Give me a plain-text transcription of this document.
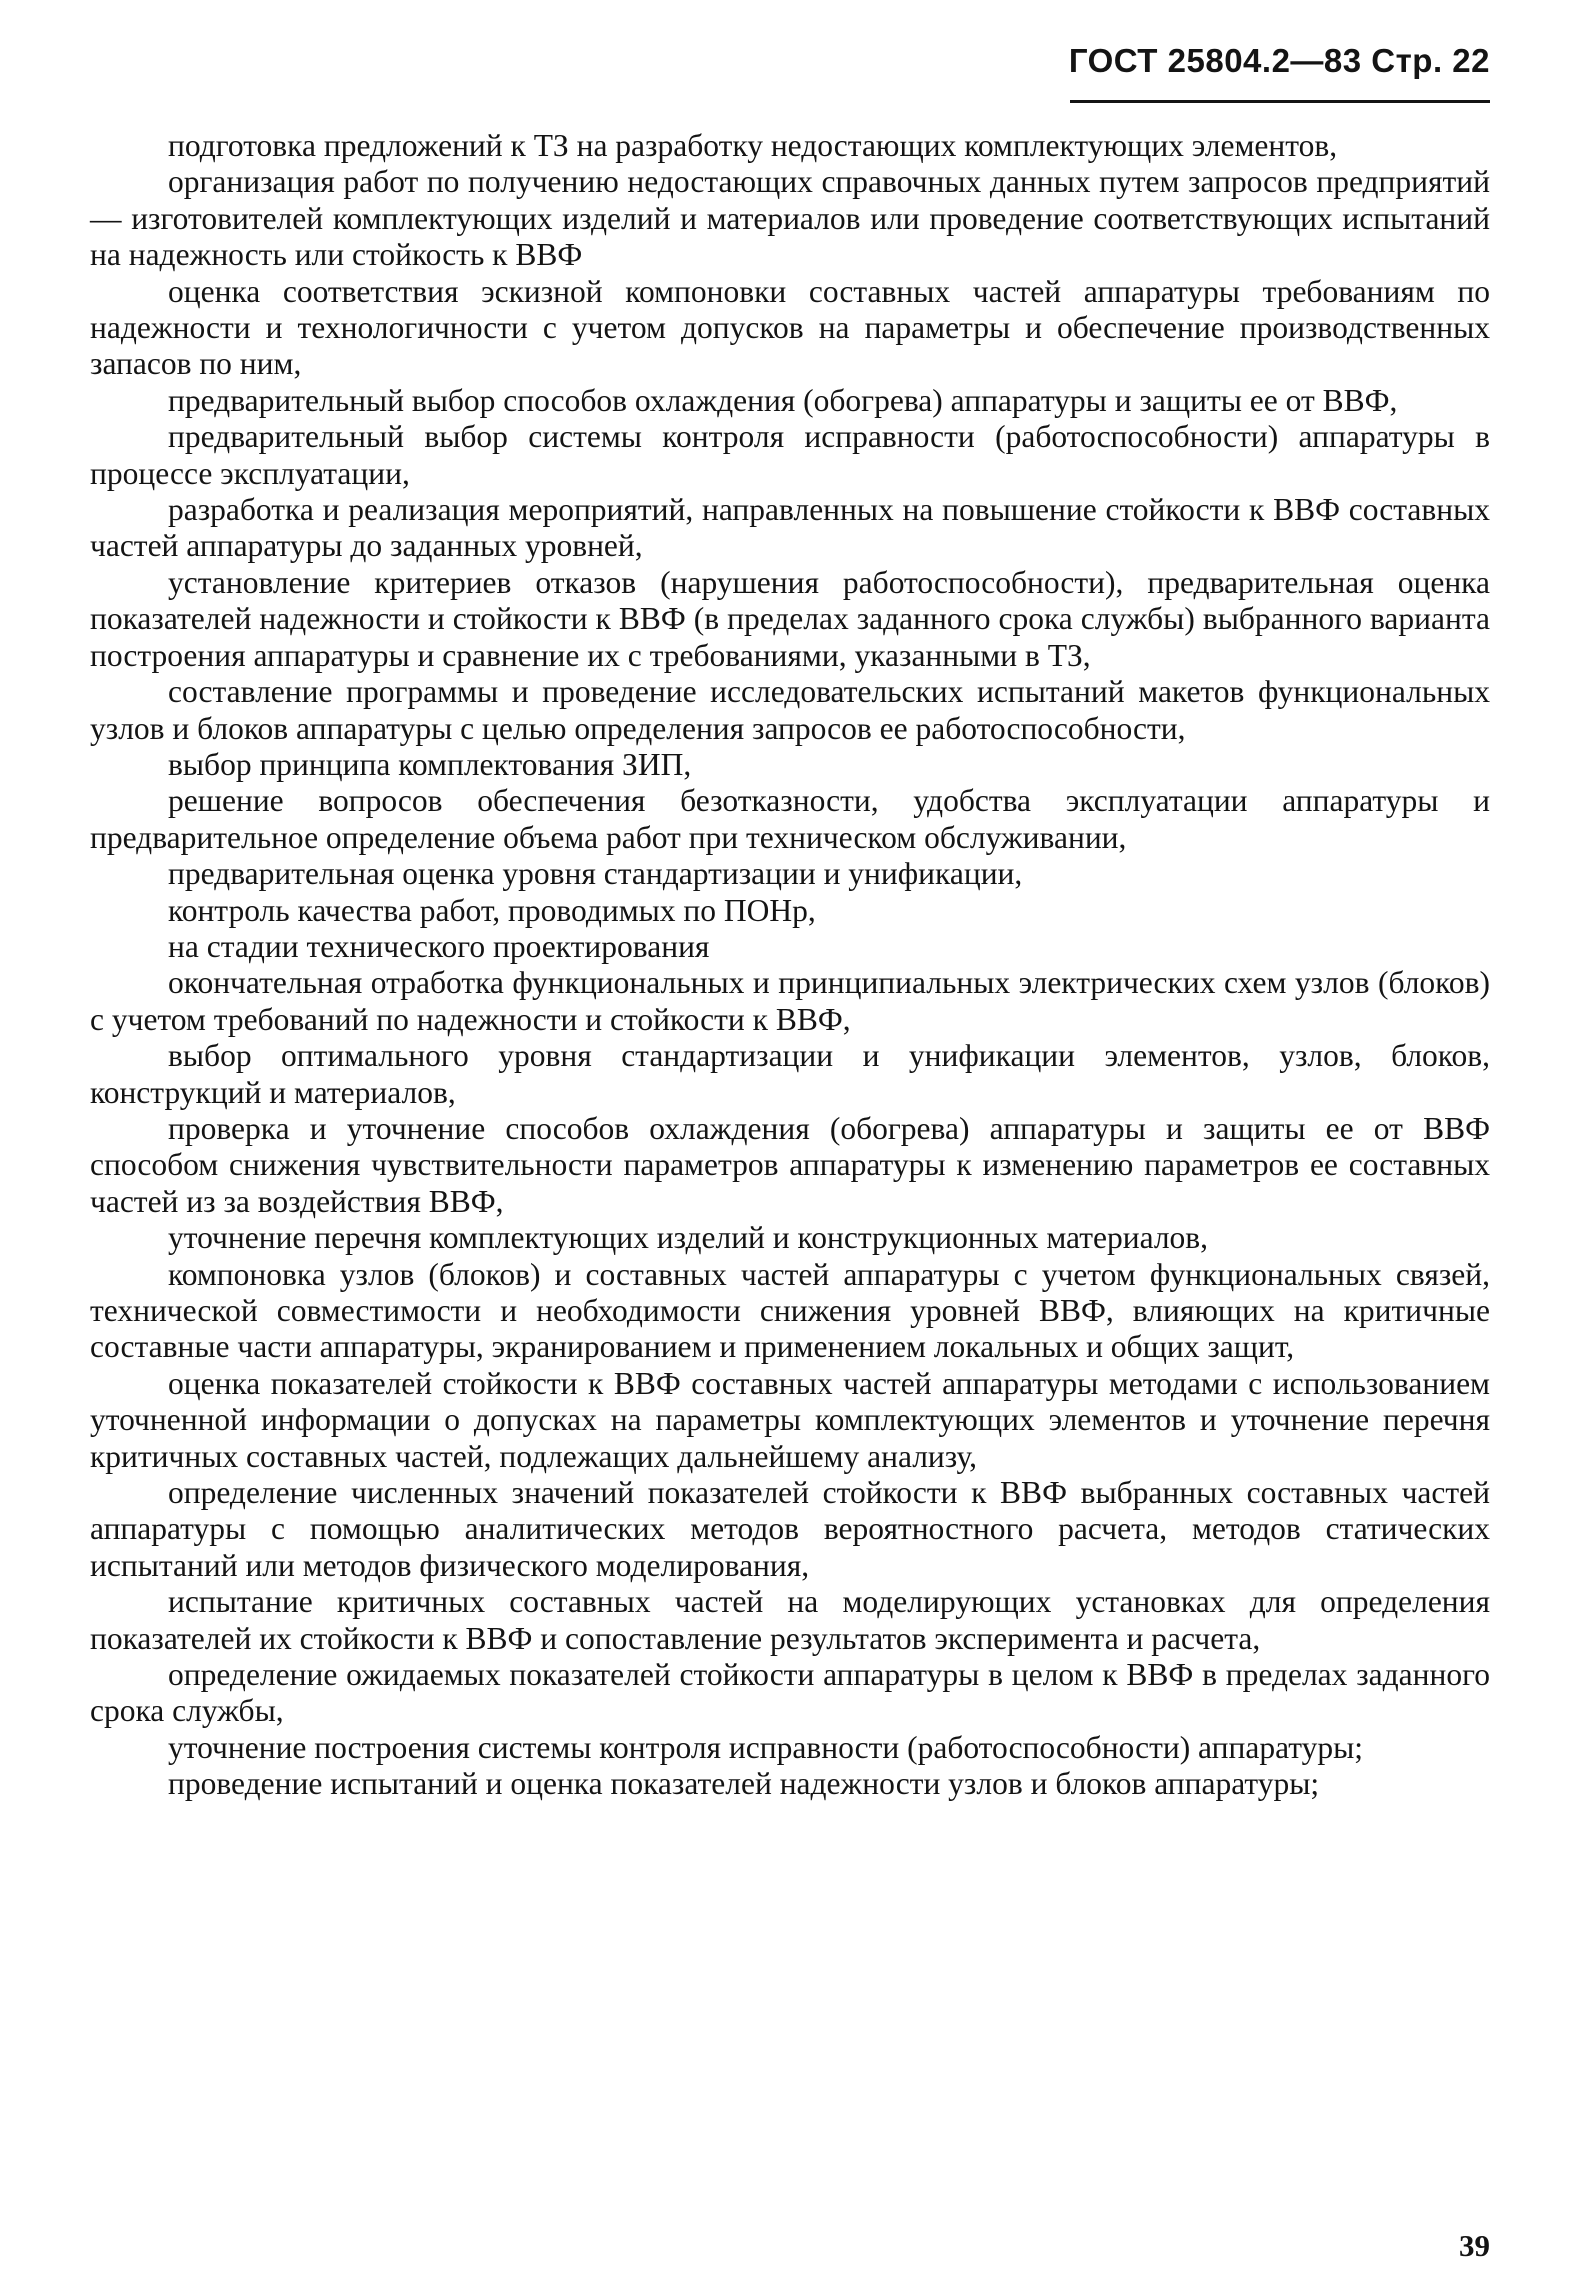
ГОСТ 25804.2—83 Стр. 22

подготовка предложений к ТЗ на разработку недостающих комплектующих элементов,

организация работ по получению недостающих справочных данных путем запросов предприятий — изготовителей комплектующих изделий и материалов или проведение соответствующих испытаний на надежность или стойкость к ВВФ

оценка соответствия эскизной компоновки составных частей аппаратуры требованиям по надежности и технологичности с учетом допусков на параметры и обеспечение производственных запасов по ним,

предварительный выбор способов охлаждения (обогрева) аппаратуры и защиты ее от ВВФ,

предварительный выбор системы контроля исправности (работоспособности) аппаратуры в процессе эксплуатации,

разработка и реализация мероприятий, направленных на повышение стойкости к ВВФ составных частей аппаратуры до заданных уровней,

установление критериев отказов (нарушения работоспособности), предварительная оценка показателей надежности и стойкости к ВВФ (в пределах заданного срока службы) выбранного варианта построения аппаратуры и сравнение их с требованиями, указанными в ТЗ,

составление программы и проведение исследовательских испытаний макетов функциональных узлов и блоков аппаратуры с целью определения запросов ее работоспособности,

выбор принципа комплектования ЗИП,

решение вопросов обеспечения безотказности, удобства эксплуатации аппаратуры и предварительное определение объема работ при техническом обслуживании,

предварительная оценка уровня стандартизации и унификации,

контроль качества работ, проводимых по ПОНр,

на стадии технического проектирования

окончательная отработка функциональных и принципиальных электрических схем узлов (блоков) с учетом требований по надежности и стойкости к ВВФ,

выбор оптимального уровня стандартизации и унификации элементов, узлов, блоков, конструкций и материалов,

проверка и уточнение способов охлаждения (обогрева) аппаратуры и защиты ее от ВВФ способом снижения чувствительности параметров аппаратуры к изменению параметров ее составных частей из за воздействия ВВФ,

уточнение перечня комплектующих изделий и конструкционных материалов,

компоновка узлов (блоков) и составных частей аппаратуры с учетом функциональных связей, технической совместимости и необходимости снижения уровней ВВФ, влияющих на критичные составные части аппаратуры, экранированием и применением локальных и общих защит,

оценка показателей стойкости к ВВФ составных частей аппаратуры методами с использованием уточненной информации о допусках на параметры комплектующих элементов и уточнение перечня критичных составных частей, подлежащих дальнейшему анализу,

определение численных значений показателей стойкости к ВВФ выбранных составных частей аппаратуры с помощью аналитических методов вероятностного расчета, методов статических испытаний или методов физического моделирования,

испытание критичных составных частей на моделирующих установках для определения показателей их стойкости к ВВФ и сопоставление результатов эксперимента и расчета,

определение ожидаемых показателей стойкости аппаратуры в целом к ВВФ в пределах заданного срока службы,

уточнение построения системы контроля исправности (работоспособности) аппаратуры;

проведение испытаний и оценка показателей надежности узлов и блоков аппаратуры;

39
